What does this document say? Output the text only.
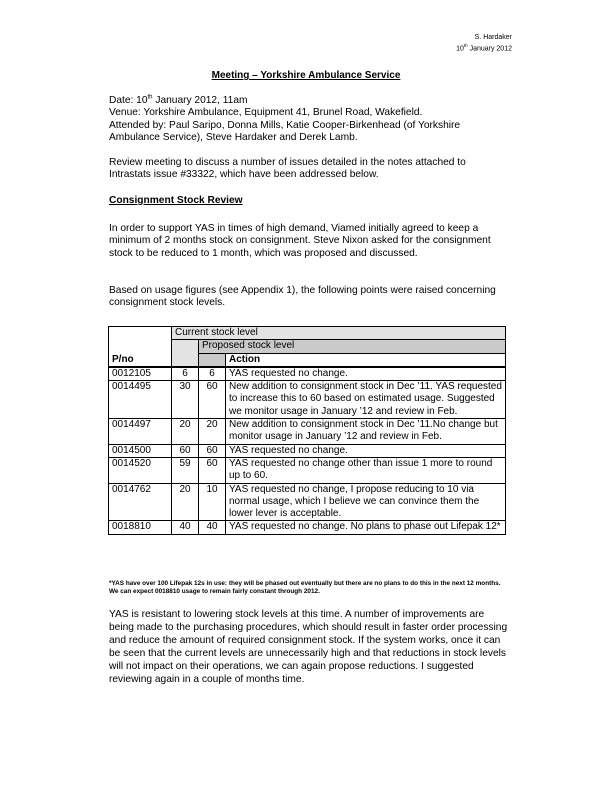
S. Hardaker
10th January 2012
Meeting – Yorkshire Ambulance Service
Date: 10th January 2012, 11am
Venue: Yorkshire Ambulance, Equipment 41, Brunel Road, Wakefield.
Attended by: Paul Saripo, Donna Mills, Katie Cooper-Birkenhead (of Yorkshire Ambulance Service), Steve Hardaker and Derek Lamb.
Review meeting to discuss a number of issues detailed in the notes attached to Intrastats issue #33322, which have been addressed below.
Consignment Stock Review
In order to support YAS in times of high demand, Viamed initially agreed to keep a minimum of 2 months stock on consignment. Steve Nixon asked for the consignment stock to be reduced to 1 month, which was proposed and discussed.
Based on usage figures (see Appendix 1), the following points were raised concerning consignment stock levels.
P/no	Current stock level		
		Proposed stock level	
			Action
0012105	6	6	YAS requested no change.
0014495	30	60	New addition to consignment stock in Dec ’11. YAS requested to increase this to 60 based on estimated usage. Suggested we monitor usage in January ’12 and review in Feb.
0014497	20	20	New addition to consignment stock in Dec ’11.No change but monitor usage in January ’12 and review in Feb.
0014500	60	60	YAS requested no change.
0014520	59	60	YAS requested no change other than issue 1 more to round up to 60.
0014762	20	10	YAS requested no change, I propose reducing to 10 via normal usage, which I believe we can convince them the lower lever is acceptable.
0018810	40	40	YAS requested no change. No plans to phase out Lifepak 12*
*YAS have over 100 Lifepak 12s in use: they will be phased out eventually but there are no plans to do this in the next 12 months. We can expect 0018810 usage to remain fairly constant through 2012.
YAS is resistant to lowering stock levels at this time. A number of improvements are being made to the purchasing procedures, which should result in faster order processing and reduce the amount of required consignment stock. If the system works, once it can be seen that the current levels are unnecessarily high and that reductions in stock levels will not impact on their operations, we can again propose reductions. I suggested reviewing again in a couple of months time.
